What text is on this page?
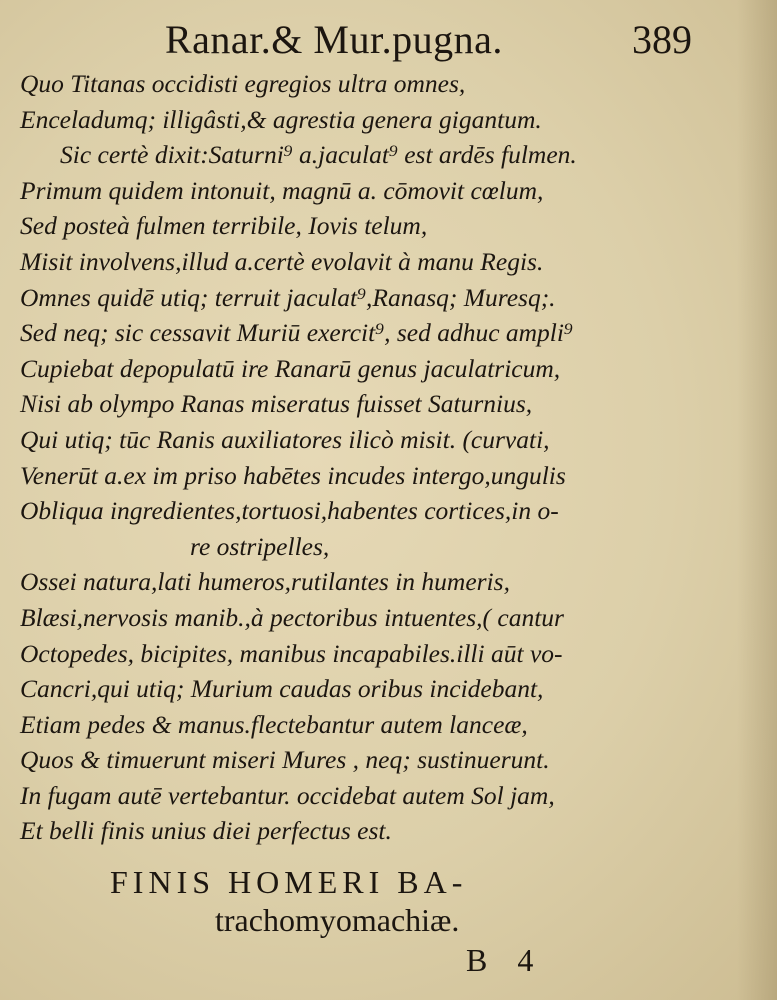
Ranar.& Mur.pugna.	389
Quo Titanas occidisti egregios ultra omnes,
Enceladumq; illigâsti,& agrestia genera gigantum.
Sic certè dixit:Saturni⁹ a.jaculat⁹ est ardēs fulmen.
Primum quidem intonuit, magnū a. cōmovit cœlum,
Sed posteà fulmen terribile, Iovis telum,
Misit involvens,illud a.certè evolavit à manu Regis.
Omnes quidē utiq; terruit jaculat⁹,Ranasq; Muresq;.
Sed neq; sic cessavit Muriū exercit⁹, sed adhuc ampli⁹
Cupiebat depopulatū ire Ranarū genus jaculatricum,
Nisi ab olympo Ranas miseratus fuisset Saturnius,
Qui utiq; tūc Ranis auxiliatores ilicò misit. (curvati,
Venerūt a.ex im priso habētes incudes intergo,ungulis
Obliqua ingredientes,tortuosi,habentes cortices,in o-
re ostripelles,
Ossei natura,lati humeros,rutilantes in humeris,
Blæsi,nervosis manib.,à pectoribus intuentes,( cantur
Octopedes, bicipites, manibus incapabiles.illi aūt vo-
Cancri,qui utiq; Murium caudas oribus incidebant,
Etiam pedes & manus.flectebantur autem lanceæ,
Quos & timuerunt miseri Mures , neq; sustinuerunt.
In fugam autē vertebantur. occidebat autem Sol jam,
Et belli finis unius diei perfectus est.
FINIS HOMERI BA-
trachomyomachiæ.
B 4
